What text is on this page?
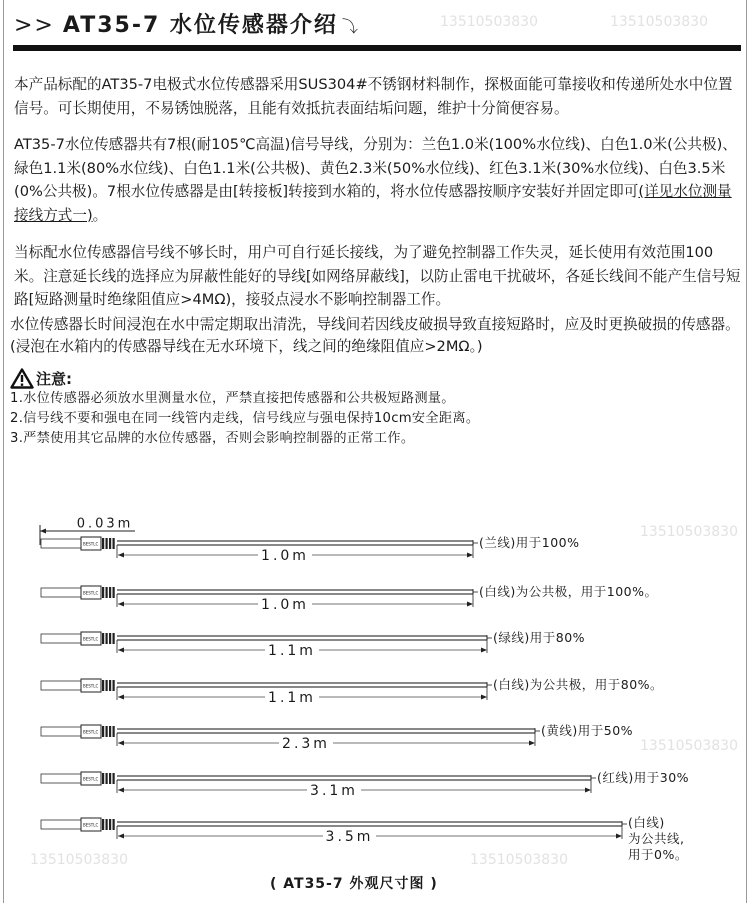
13510503830	13510503830
13510503830
13510503830
13510503830	13510503830
>> AT35-7 水位传感器介绍 ⤵

本产品标配的AT35-7电极式水位传感器采用SUS304#不锈钢材料制作，探极面能可靠接收和传递所处水中位置信号。可长期使用，不易锈蚀脱落，且能有效抵抗表面结垢问题，维护十分简便容易。

AT35-7水位传感器共有7根(耐105℃高温)信号导线，分别为：兰色1.0米(100%水位线)、白色1.0米(公共极)、緑色1.1米(80%水位线)、白色1.1米(公共极)、黄色2.3米(50%水位线)、红色3.1米(30%水位线)、白色3.5米(0%公共极)。7根水位传感器是由[转接板]转接到水箱的，将水位传感器按顺序安装好并固定即可(详见水位测量接线方式一)。

当标配水位传感器信号线不够长时，用户可自行延长接线，为了避免控制器工作失灵，延长使用有效范围100米。注意延长线的选择应为屏蔽性能好的导线[如网络屏蔽线]，以防止雷电干扰破坏，各延长线间不能产生信号短路[短路测量时绝缘阻值应>4MΩ)，接驳点浸水不影响控制器工作。

水位传感器长时间浸泡在水中需定期取出清洗，导线间若因线皮破损导致直接短路时，应及时更换破损的传感器。(浸泡在水箱内的传感器导线在无水环境下，线之间的绝缘阻值应>2MΩ。)

注意:
1.水位传感器必须放水里测量水位，严禁直接把传感器和公共极短路测量。
2.信号线不要和强电在同一线管内走线，信号线应与强电保持10cm安全距离。
3.严禁使用其它品牌的水位传感器，否则会影响控制器的正常工作。
BESTLC
BESTLC
BESTLC
BESTLC
BESTLC
BESTLC
BESTLC
0.03m
1.0m
(兰线)用于100%
1.0m
(白线)为公共极，用于100%。
1.1m
(绿线)用于80%
1.1m
(白线)为公共极，用于80%。
2.3m
(黄线)用于50%
3.1m
(红线)用于30%
3.5m
(白线)
为公共线,
用于0%。
( AT35-7 外观尺寸图 )
